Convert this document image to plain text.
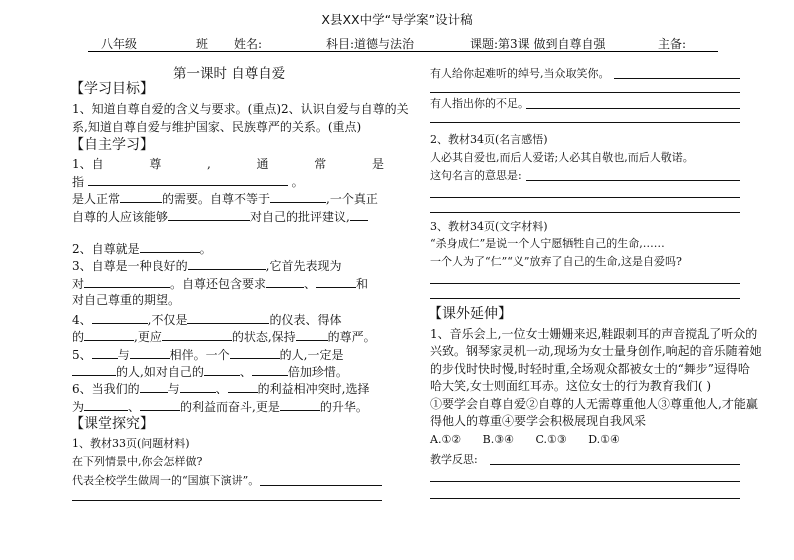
X县XX中学“导学案”设计稿
八年级	班 姓名:	科目:道德与法治	课题:第3课 做到自尊自强	主备:
第一课时 自尊自爱
【学习目标】
1、知道自尊自爱的含义与要求。(重点)2、认识自爱与自尊的关
系,知道自尊自爱与维护国家、民族尊严的关系。(重点)
【自主学习】
1、自	尊	,	通	常	是
指	。
是人正常	的需要。自尊不等于	,一个真正
自尊的人应该能够	对自己的批评建议,
2、自尊就是	。
3、自尊是一种良好的	,它首先表现为
对	。自尊还包含要求	、	和
对自己尊重的期望。
4、	,不仅是	的仪表、得体
的	,更应	的状态,保持	的尊严。
5、 与	相伴。一个	的人,一定是
的人,如对自己的	、	倍加珍惜。
6、当我们的 与	、	的利益相冲突时,选择
为	、	的利益而奋斗,更是	的升华。
【课堂探究】
1、教材33页(问题材料)
在下列情景中,你会怎样做?
代表全校学生做周一的“国旗下演讲”。
有人给你起难听的绰号,当众取笑你。
有人指出你的不足。
2、教材34页(名言感悟)
人必其自爱也,而后人爱诺;人必其自敬也,而后人敬诺。
这句名言的意思是:
3、教材34页(文字材料)
“杀身成仁”是说一个人宁愿牺牲自己的生命,……
一个人为了“仁”“义”放弃了自己的生命,这是自爱吗?
【课外延伸】
1、音乐会上,一位女士姗姗来迟,鞋跟刺耳的声音搅乱了听众的
兴致。钢琴家灵机一动,现场为女士量身创作,响起的音乐随着她
的步伐时快时慢,时轻时重,全场观众都被女士的“舞步”逗得哈
哈大笑,女士则面红耳赤。这位女士的行为教育我们( )
①要学会自尊自爱②自尊的人无需尊重他人③尊重他人,才能赢
得他人的尊重④要学会积极展现自我风采
A.①② B.③④ C.①③ D.①④
教学反思:
